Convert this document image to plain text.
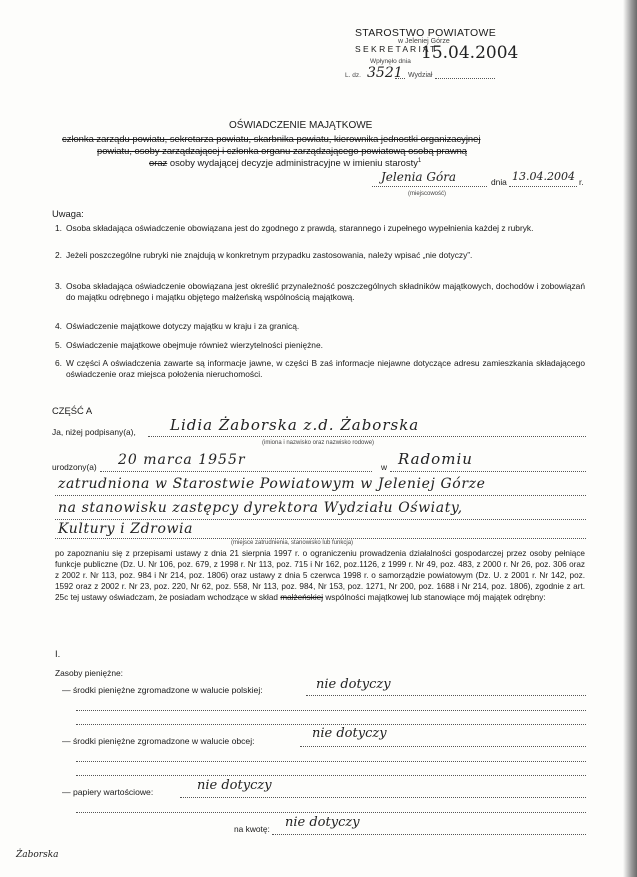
STAROSTWO POWIATOWE
w Jeleniej Górze
S E K R E T A R I A T
Wpłynęło dnia 15.04.2004
L. dz. 3521 Wydział
OŚWIADCZENIE MAJĄTKOWE
członka zarządu powiatu, sekretarza powiatu, skarbnika powiatu, kierownika jednostki organizacyjnej
powiatu, osoby zarządzającej i członka organu zarządzającego powiatową osobą prawną
oraz osoby wydającej decyzje administracyjne w imieniu starosty$^1$
Jelenia Góra	dnia 13.04.2004 r.
(miejscowość)
Uwaga:
1. Osoba składająca oświadczenie obowiązana jest do zgodnego z prawdą, starannego i zupełnego wypełnienia każdej z rubryk.
2. Jeżeli poszczególne rubryki nie znajdują w konkretnym przypadku zastosowania, należy wpisać „nie dotyczy”.
3. Osoba składająca oświadczenie obowiązana jest określić przynależność poszczególnych składników majątkowych, dochodów i zobowiązań do majątku odrębnego i majątku objętego małżeńską wspólnością majątkową.
4. Oświadczenie majątkowe dotyczy majątku w kraju i za granicą.
5. Oświadczenie majątkowe obejmuje również wierzytelności pieniężne.
6. W części A oświadczenia zawarte są informacje jawne, w części B zaś informacje niejawne dotyczące adresu zamieszkania składającego oświadczenie oraz miejsca położenia nieruchomości.
CZĘŚĆ A
Ja, niżej podpisany(a), Lidia Żaborska z.d. Żaborska
(imiona i nazwisko oraz nazwisko rodowe)
urodzony(a) 20 marca 1955r	w Radomiu
zatrudniona w Starostwie Powiatowym w Jeleniej Górze
na stanowisku zastępcy dyrektora Wydziału Oświaty,
Kultury i Zdrowia
(miejsce zatrudnienia, stanowisko lub funkcja)
po zapoznaniu się z przepisami ustawy z dnia 21 sierpnia 1997 r. o ograniczeniu prowadzenia działalności gospodarczej przez osoby pełniące funkcje publiczne (Dz. U. Nr 106, poz. 679, z 1998 r. Nr 113, poz. 715 i Nr 162, poz.1126, z 1999 r. Nr 49, poz. 483, z 2000 r. Nr 26, poz. 306 oraz z 2002 r. Nr 113, poz. 984 i Nr 214, poz. 1806) oraz ustawy z dnia 5 czerwca 1998 r. o samorządzie powiatowym (Dz. U. z 2001 r. Nr 142, poz. 1592 oraz z 2002 r. Nr 23, poz. 220, Nr 62, poz. 558, Nr 113, poz. 984, Nr 153, poz. 1271, Nr 200, poz. 1688 i Nr 214, poz. 1806), zgodnie z art. 25c tej ustawy oświadczam, że posiadam wchodzące w skład małżeńskiej wspólności majątkowej lub stanowiące mój majątek odrębny:
I.
Zasoby pieniężne:
— środki pieniężne zgromadzone w walucie polskiej:	nie dotyczy
— środki pieniężne zgromadzone w walucie obcej:	nie dotyczy
— papiery wartościowe:	nie dotyczy
na kwotę: nie dotyczy
Żaborska
